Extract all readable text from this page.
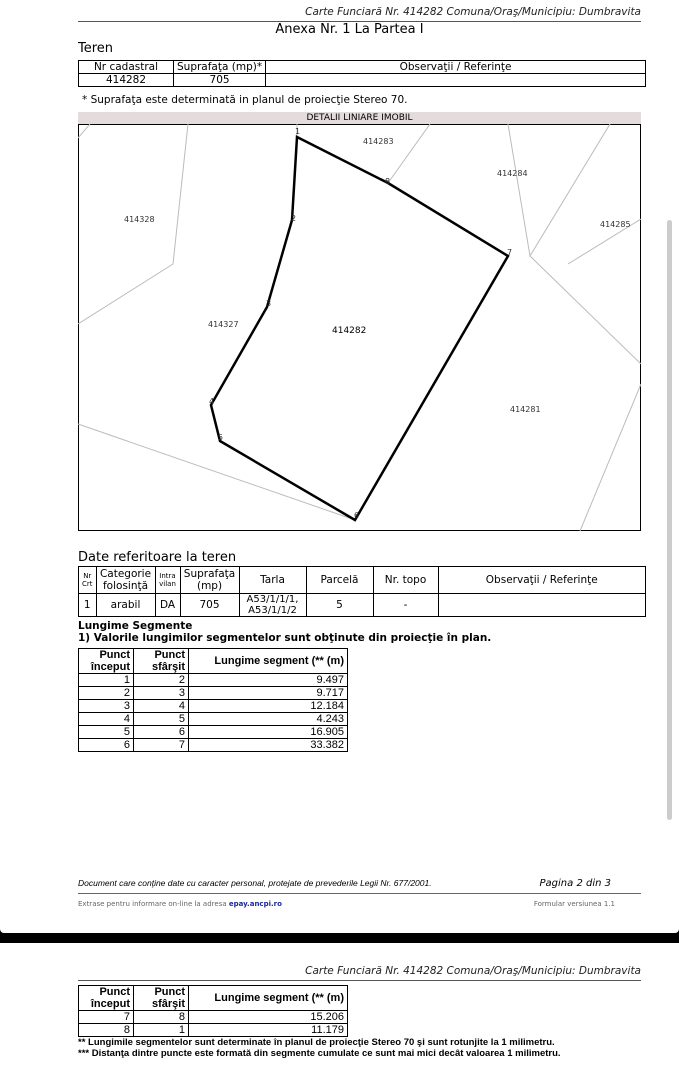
Carte Funciară Nr. 414282 Comuna/Oraş/Municipiu: Dumbravita
Anexa Nr. 1 La Partea I
Teren
Nr cadastral	Suprafaţa (mp)*	Observaţii / Referinţe
414282	705	
* Suprafaţa este determinată in planul de proiecţie Stereo 70.
DETALII LINIARE IMOBIL
414283
414284
414285
414328
414327
414282
414281
1
2
3
4
5
6
7
8
Date referitoare la teren
Nr Crt	Categorie folosinţă	Intra vilan	Suprafaţa (mp)	Tarla	Parcelă	Nr. topo	Observaţii / Referinţe
1	arabil	DA	705	A53/1/1/1, A53/1/1/2	5	-	
Lungime Segmente
1) Valorile lungimilor segmentelor sunt obţinute din proiecţie în plan.
Punct început	Punct sfârşit	Lungime segment (** (m)
1	2	9.497
2	3	9.717
3	4	12.184
4	5	4.243
5	6	16.905
6	7	33.382
Document care conţine date cu caracter personal, protejate de prevederile Legii Nr. 677/2001.	Pagina 2 din 3
Extrase pentru informare on-line la adresa epay.ancpi.ro	Formular versiunea 1.1
Carte Funciară Nr. 414282 Comuna/Oraş/Municipiu: Dumbravita
Punct început	Punct sfârşit	Lungime segment (** (m)
7	8	15.206
8	1	11.179
** Lungimile segmentelor sunt determinate în planul de proiecţie Stereo 70 şi sunt rotunjite la 1 milimetru.
*** Distanţa dintre puncte este formată din segmente cumulate ce sunt mai mici decât valoarea 1 milimetru.
